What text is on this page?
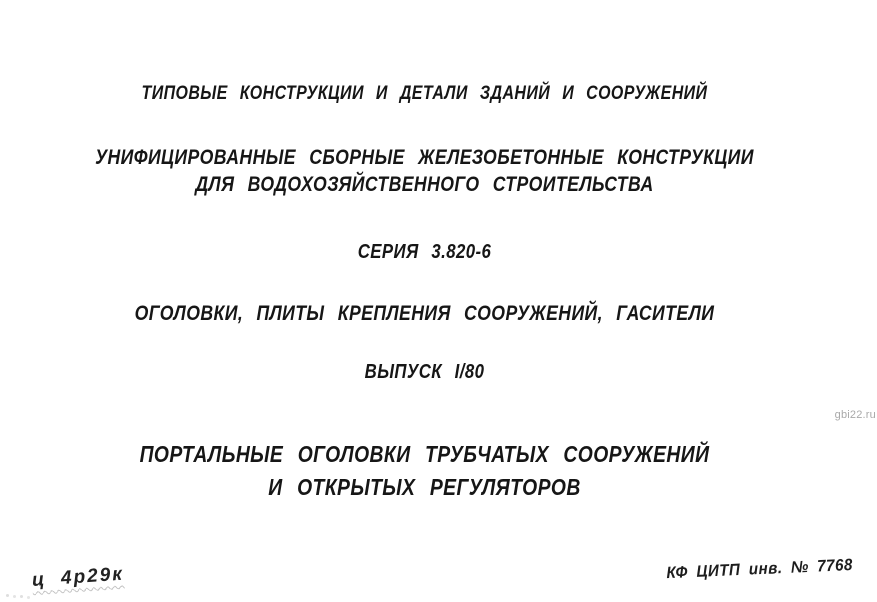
ТИПОВЫЕ КОНСТРУКЦИИ И ДЕТАЛИ ЗДАНИЙ И СООРУЖЕНИЙ
УНИФИЦИРОВАННЫЕ СБОРНЫЕ ЖЕЛЕЗОБЕТОННЫЕ КОНСТРУКЦИИ
ДЛЯ ВОДОХОЗЯЙСТВЕННОГО СТРОИТЕЛЬСТВА
СЕРИЯ 3.820-6
ОГОЛОВКИ, ПЛИТЫ КРЕПЛЕНИЯ СООРУЖЕНИЙ, ГАСИТЕЛИ
ВЫПУСК I/80
ПОРТАЛЬНЫЕ ОГОЛОВКИ ТРУБЧАТЫХ СООРУЖЕНИЙ
И ОТКРЫТЫХ РЕГУЛЯТОРОВ
КФ ЦИТП инв. № 7768
ц 4р29к
gbi22.ru
